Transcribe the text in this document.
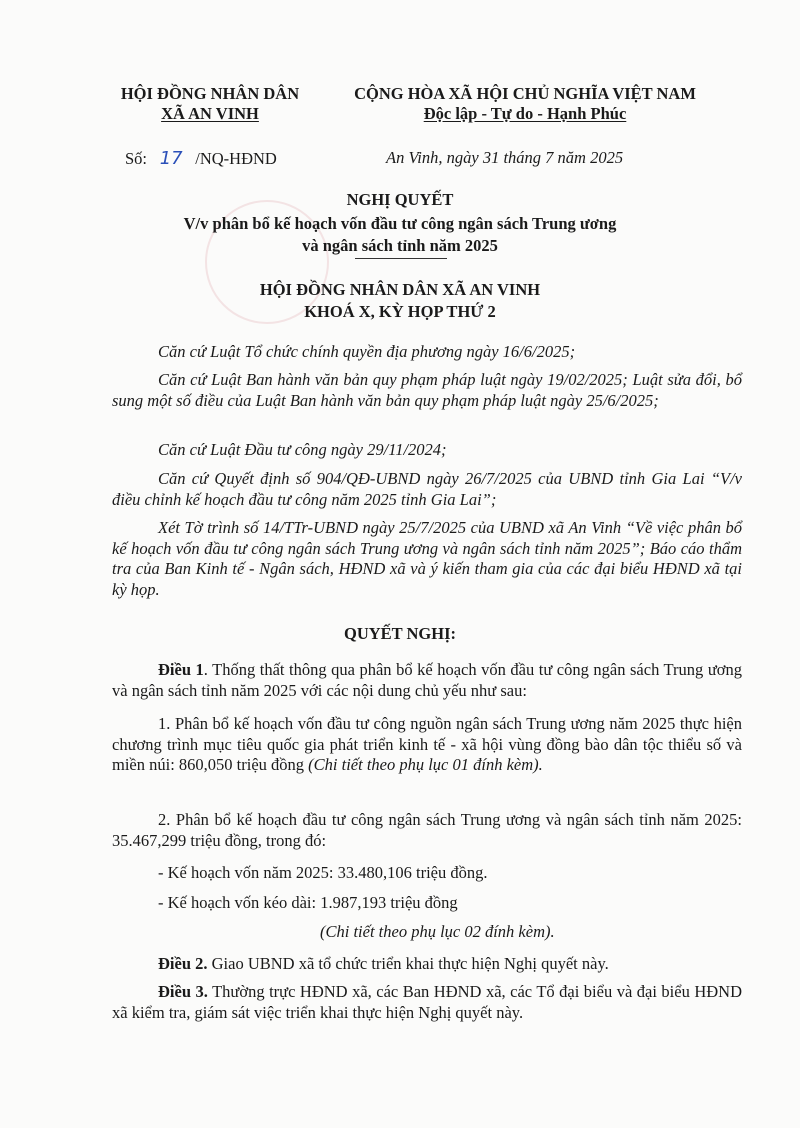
HỘI ĐỒNG NHÂN DÂN
XÃ AN VINH
CỘNG HÒA XÃ HỘI CHỦ NGHĨA VIỆT NAM
Độc lập - Tự do - Hạnh Phúc
Số: 17 /NQ-HĐND	An Vinh, ngày 31 tháng 7 năm 2025
NGHỊ QUYẾT
V/v phân bổ kế hoạch vốn đầu tư công ngân sách Trung ương
và ngân sách tỉnh năm 2025
HỘI ĐỒNG NHÂN DÂN XÃ AN VINH
KHOÁ X, KỲ HỌP THỨ 2
Căn cứ Luật Tổ chức chính quyền địa phương ngày 16/6/2025;
Căn cứ Luật Ban hành văn bản quy phạm pháp luật ngày 19/02/2025; Luật sửa đổi, bổ sung một số điều của Luật Ban hành văn bản quy phạm pháp luật ngày 25/6/2025;
Căn cứ Luật Đầu tư công ngày 29/11/2024;
Căn cứ Quyết định số 904/QĐ-UBND ngày 26/7/2025 của UBND tỉnh Gia Lai “V/v điều chỉnh kế hoạch đầu tư công năm 2025 tỉnh Gia Lai”;
Xét Tờ trình số 14/TTr-UBND ngày 25/7/2025 của UBND xã An Vinh “Về việc phân bổ kế hoạch vốn đầu tư công ngân sách Trung ương và ngân sách tỉnh năm 2025”; Báo cáo thẩm tra của Ban Kinh tế - Ngân sách, HĐND xã và ý kiến tham gia của các đại biểu HĐND xã tại kỳ họp.
QUYẾT NGHỊ:
Điều 1. Thống thất thông qua phân bổ kế hoạch vốn đầu tư công ngân sách Trung ương và ngân sách tỉnh năm 2025 với các nội dung chủ yếu như sau:
1. Phân bổ kế hoạch vốn đầu tư công nguồn ngân sách Trung ương năm 2025 thực hiện chương trình mục tiêu quốc gia phát triển kinh tế - xã hội vùng đồng bào dân tộc thiểu số và miền núi: 860,050 triệu đồng (Chi tiết theo phụ lục 01 đính kèm).
2. Phân bổ kế hoạch đầu tư công ngân sách Trung ương và ngân sách tỉnh năm 2025: 35.467,299 triệu đồng, trong đó:
- Kế hoạch vốn năm 2025: 33.480,106 triệu đồng.
- Kế hoạch vốn kéo dài: 1.987,193 triệu đồng
(Chi tiết theo phụ lục 02 đính kèm).
Điều 2. Giao UBND xã tổ chức triển khai thực hiện Nghị quyết này.
Điều 3. Thường trực HĐND xã, các Ban HĐND xã, các Tổ đại biểu và đại biểu HĐND xã kiểm tra, giám sát việc triển khai thực hiện Nghị quyết này.
